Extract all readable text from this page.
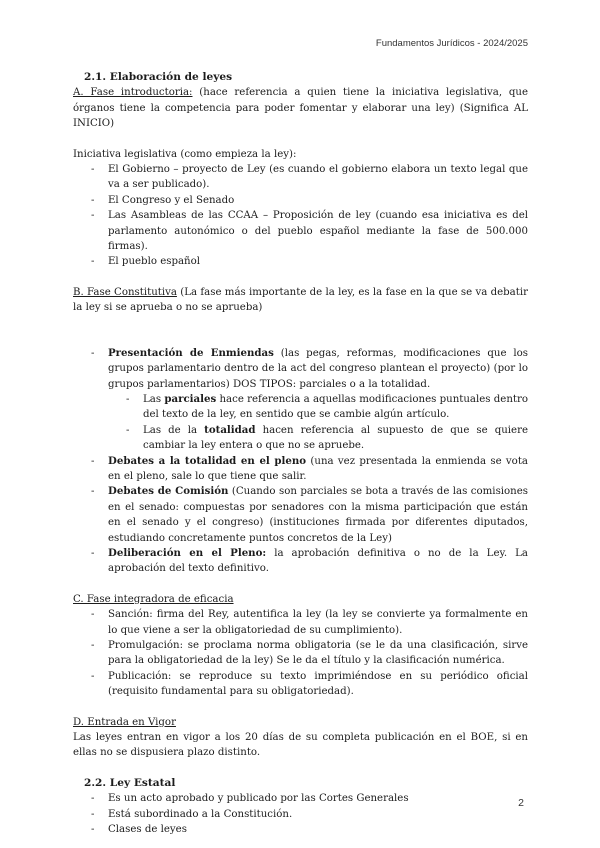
Fundamentos Jurídicos - 2024/2025

2.1. Elaboración de leyes

A. Fase introductoria: (hace referencia a quien tiene la iniciativa legislativa, que órganos tiene la competencia para poder fomentar y elaborar una ley) (Significa AL INICIO)

Iniciativa legislativa (como empieza la ley):

- El Gobierno – proyecto de Ley (es cuando el gobierno elabora un texto legal que va a ser publicado).
- El Congreso y el Senado
- Las Asambleas de las CCAA – Proposición de ley (cuando esa iniciativa es del parlamento autonómico o del pueblo español mediante la fase de 500.000 firmas).
- El pueblo español

B. Fase Constitutiva (La fase más importante de la ley, es la fase en la que se va debatir la ley si se aprueba o no se aprueba)

- Presentación de Enmiendas (las pegas, reformas, modificaciones que los grupos parlamentario dentro de la act del congreso plantean el proyecto) (por lo grupos parlamentarios) DOS TIPOS: parciales o a la totalidad.
- Las parciales hace referencia a aquellas modificaciones puntuales dentro del texto de la ley, en sentido que se cambie algún artículo.
- Las de la totalidad hacen referencia al supuesto de que se quiere cambiar la ley entera o que no se apruebe.
- Debates a la totalidad en el pleno (una vez presentada la enmienda se vota en el pleno, sale lo que tiene que salir.
- Debates de Comisión (Cuando son parciales se bota a través de las comisiones en el senado: compuestas por senadores con la misma participación que están en el senado y el congreso) (instituciones firmada por diferentes diputados, estudiando concretamente puntos concretos de la Ley)
- Deliberación en el Pleno: la aprobación definitiva o no de la Ley. La aprobación del texto definitivo.

C. Fase integradora de eficacia

- Sanción: firma del Rey, autentifica la ley (la ley se convierte ya formalmente en lo que viene a ser la obligatoriedad de su cumplimiento).
- Promulgación: se proclama norma obligatoria (se le da una clasificación, sirve para la obligatoriedad de la ley) Se le da el título y la clasificación numérica.
- Publicación: se reproduce su texto imprimiéndose en su periódico oficial (requisito fundamental para su obligatoriedad).

D. Entrada en Vigor

Las leyes entran en vigor a los 20 días de su completa publicación en el BOE, si en ellas no se dispusiera plazo distinto.

2.2. Ley Estatal

- Es un acto aprobado y publicado por las Cortes Generales
- Está subordinado a la Constitución.
- Clases de leyes
2
